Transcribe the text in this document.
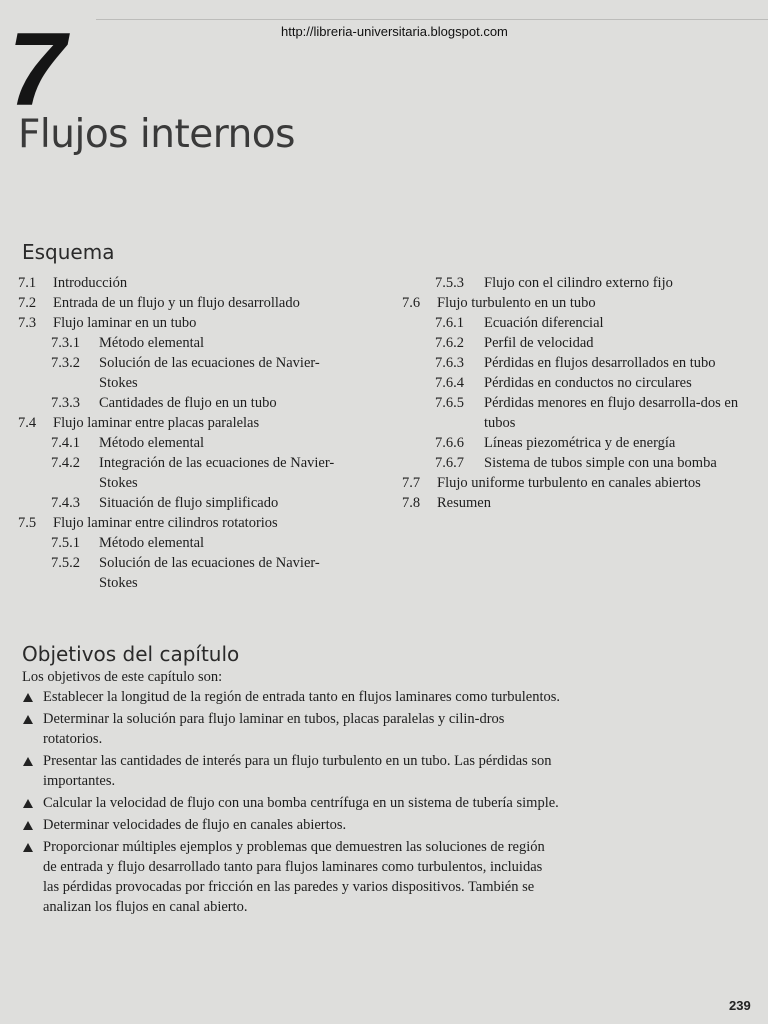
http://libreria-universitaria.blogspot.com
7
Flujos internos
Esquema
7.1 Introducción
7.2 Entrada de un flujo y un flujo desarrollado
7.3 Flujo laminar en un tubo
7.3.1 Método elemental
7.3.2 Solución de las ecuaciones de Navier-Stokes
7.3.3 Cantidades de flujo en un tubo
7.4 Flujo laminar entre placas paralelas
7.4.1 Método elemental
7.4.2 Integración de las ecuaciones de Navier-Stokes
7.4.3 Situación de flujo simplificado
7.5 Flujo laminar entre cilindros rotatorios
7.5.1 Método elemental
7.5.2 Solución de las ecuaciones de Navier-Stokes
7.5.3 Flujo con el cilindro externo fijo
7.6 Flujo turbulento en un tubo
7.6.1 Ecuación diferencial
7.6.2 Perfil de velocidad
7.6.3 Pérdidas en flujos desarrollados en tubo
7.6.4 Pérdidas en conductos no circulares
7.6.5 Pérdidas menores en flujo desarrolla-dos en tubos
7.6.6 Líneas piezométrica y de energía
7.6.7 Sistema de tubos simple con una bomba
7.7 Flujo uniforme turbulento en canales abiertos
7.8 Resumen
Objetivos del capítulo
Los objetivos de este capítulo son:
Establecer la longitud de la región de entrada tanto en flujos laminares como turbulentos.
Determinar la solución para flujo laminar en tubos, placas paralelas y cilin-dros rotatorios.
Presentar las cantidades de interés para un flujo turbulento en un tubo. Las pérdidas son importantes.
Calcular la velocidad de flujo con una bomba centrífuga en un sistema de tubería simple.
Determinar velocidades de flujo en canales abiertos.
Proporcionar múltiples ejemplos y problemas que demuestren las soluciones de región de entrada y flujo desarrollado tanto para flujos laminares como turbulentos, incluidas las pérdidas provocadas por fricción en las paredes y varios dispositivos. También se analizan los flujos en canal abierto.
239
